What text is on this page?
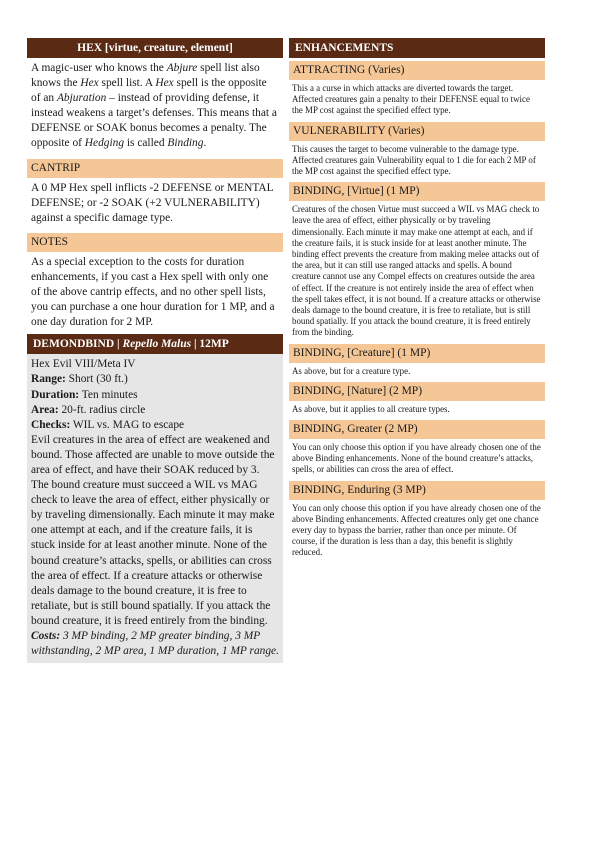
HEX [virtue, creature, element]
A magic-user who knows the Abjure spell list also knows the Hex spell list. A Hex spell is the opposite of an Abjuration – instead of providing defense, it instead weakens a target’s defenses. This means that a DEFENSE or SOAK bonus becomes a penalty. The opposite of Hedging is called Binding.
CANTRIP
A 0 MP Hex spell inflicts -2 DEFENSE or MENTAL DEFENSE; or -2 SOAK (+2 VULNERABILITY) against a specific damage type.
NOTES
As a special exception to the costs for duration enhancements, if you cast a Hex spell with only one of the above cantrip effects, and no other spell lists, you can purchase a one hour duration for 1 MP, and a one day duration for 2 MP.
DEMONDBIND | Repello Malus | 12MP
Hex Evil VIII/Meta IV
Range: Short (30 ft.)
Duration: Ten minutes
Area: 20-ft. radius circle
Checks: WIL vs. MAG to escape
Evil creatures in the area of effect are weakened and bound. Those affected are unable to move outside the area of effect, and have their SOAK reduced by 3. The bound creature must succeed a WIL vs MAG check to leave the area of effect, either physically or by traveling dimensionally. Each minute it may make one attempt at each, and if the creature fails, it is stuck inside for at least another minute. None of the bound creature’s attacks, spells, or abilities can cross the area of effect. If a creature attacks or otherwise deals damage to the bound creature, it is free to retaliate, but is still bound spatially. If you attack the bound creature, it is freed entirely from the binding.
Costs: 3 MP binding, 2 MP greater binding, 3 MP withstanding, 2 MP area, 1 MP duration, 1 MP range.
ENHANCEMENTS
ATTRACTING (Varies)
This a a curse in which attacks are diverted towards the target. Affected creatures gain a penalty to their DEFENSE equal to twice the MP cost against the specified effect type.
VULNERABILITY (Varies)
This causes the target to become vulnerable to the damage type. Affected creatures gain Vulnerability equal to 1 die for each 2 MP of the MP cost against the specified effect type.
BINDING, [Virtue] (1 MP)
Creatures of the chosen Virtue must succeed a WIL vs MAG check to leave the area of effect, either physically or by traveling dimensionally. Each minute it may make one attempt at each, and if the creature fails, it is stuck inside for at least another minute. The binding effect prevents the creature from making melee attacks out of the area, but it can still use ranged attacks and spells. A bound creature cannot use any Compel effects on creatures outside the area of effect. If the creature is not entirely inside the area of effect when the spell takes effect, it is not bound. If a creature attacks or otherwise deals damage to the bound creature, it is free to retaliate, but is still bound spatially. If you attack the bound creature, it is freed entirely from the binding.
BINDING, [Creature] (1 MP)
As above, but for a creature type.
BINDING, [Nature] (2 MP)
As above, but it applies to all creature types.
BINDING, Greater (2 MP)
You can only choose this option if you have already chosen one of the above Binding enhancements. None of the bound creature’s attacks, spells, or abilities can cross the area of effect.
BINDING, Enduring (3 MP)
You can only choose this option if you have already chosen one of the above Binding enhancements. Affected creatures only get one chance every day to bypass the barrier, rather than once per minute. Of course, if the duration is less than a day, this benefit is slightly reduced.
